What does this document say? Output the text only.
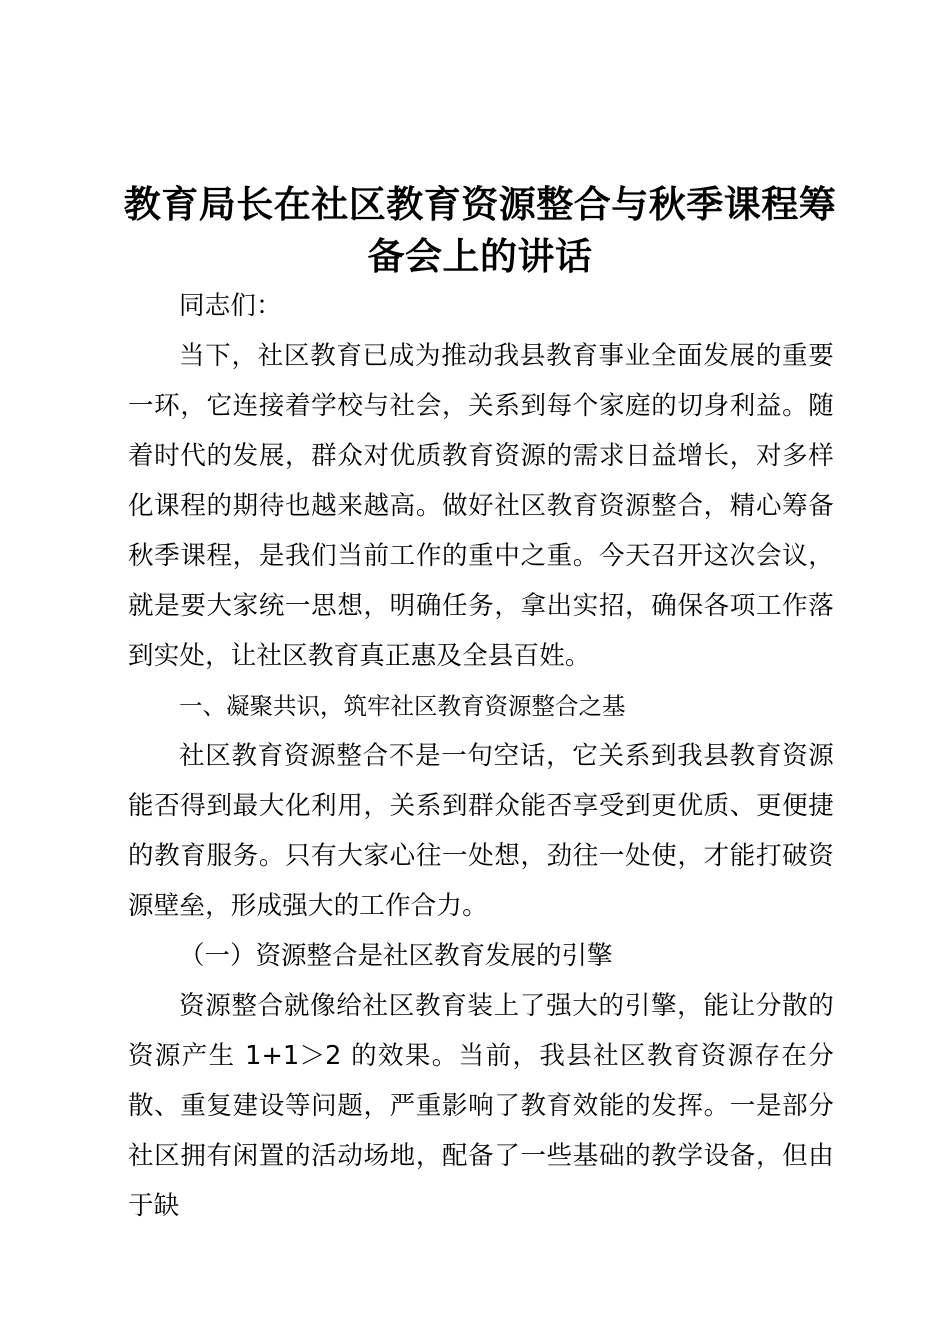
教育局长在社区教育资源整合与秋季课程筹备会上的讲话

同志们：

当下，社区教育已成为推动我县教育事业全面发展的重要一环，它连接着学校与社会，关系到每个家庭的切身利益。随着时代的发展，群众对优质教育资源的需求日益增长，对多样化课程的期待也越来越高。做好社区教育资源整合，精心筹备秋季课程，是我们当前工作的重中之重。今天召开这次会议，就是要大家统一思想，明确任务，拿出实招，确保各项工作落到实处，让社区教育真正惠及全县百姓。

一、凝聚共识，筑牢社区教育资源整合之基

社区教育资源整合不是一句空话，它关系到我县教育资源能否得到最大化利用，关系到群众能否享受到更优质、更便捷的教育服务。只有大家心往一处想，劲往一处使，才能打破资源壁垒，形成强大的工作合力。

（一）资源整合是社区教育发展的引擎

资源整合就像给社区教育装上了强大的引擎，能让分散的资源产生 1+1＞2 的效果。当前，我县社区教育资源存在分散、重复建设等问题，严重影响了教育效能的发挥。一是部分社区拥有闲置的活动场地，配备了一些基础的教学设备，但由于缺
